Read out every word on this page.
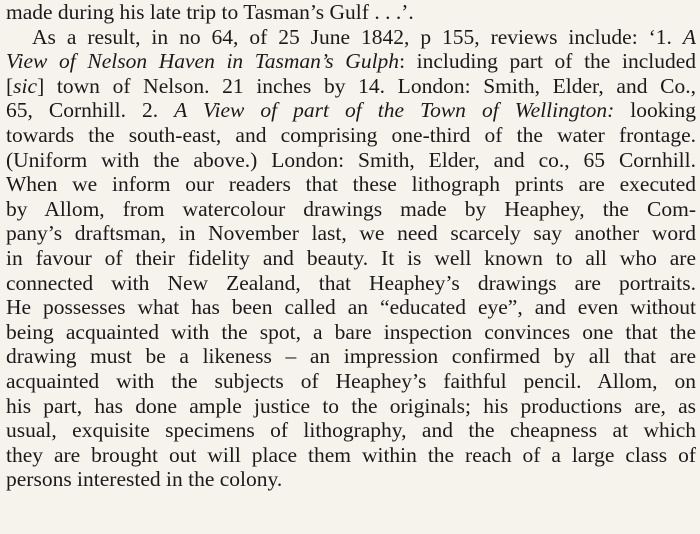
made during his late trip to Tasman’s Gulf . . .’.
As a result, in no 64, of 25 June 1842, p 155, reviews include: ‘1. A
View of Nelson Haven in Tasman’s Gulph: including part of the included
[sic] town of Nelson. 21 inches by 14. London: Smith, Elder, and Co.,
65, Cornhill. 2. A View of part of the Town of Wellington: looking
towards the south-east, and comprising one-third of the water frontage.
(Uniform with the above.) London: Smith, Elder, and co., 65 Cornhill.
When we inform our readers that these lithograph prints are executed
by Allom, from watercolour drawings made by Heaphey, the Com-
pany’s draftsman, in November last, we need scarcely say another word
in favour of their fidelity and beauty. It is well known to all who are
connected with New Zealand, that Heaphey’s drawings are portraits.
He possesses what has been called an “educated eye”, and even without
being acquainted with the spot, a bare inspection convinces one that the
drawing must be a likeness – an impression confirmed by all that are
acquainted with the subjects of Heaphey’s faithful pencil. Allom, on
his part, has done ample justice to the originals; his productions are, as
usual, exquisite specimens of lithography, and the cheapness at which
they are brought out will place them within the reach of a large class of
persons interested in the colony.
